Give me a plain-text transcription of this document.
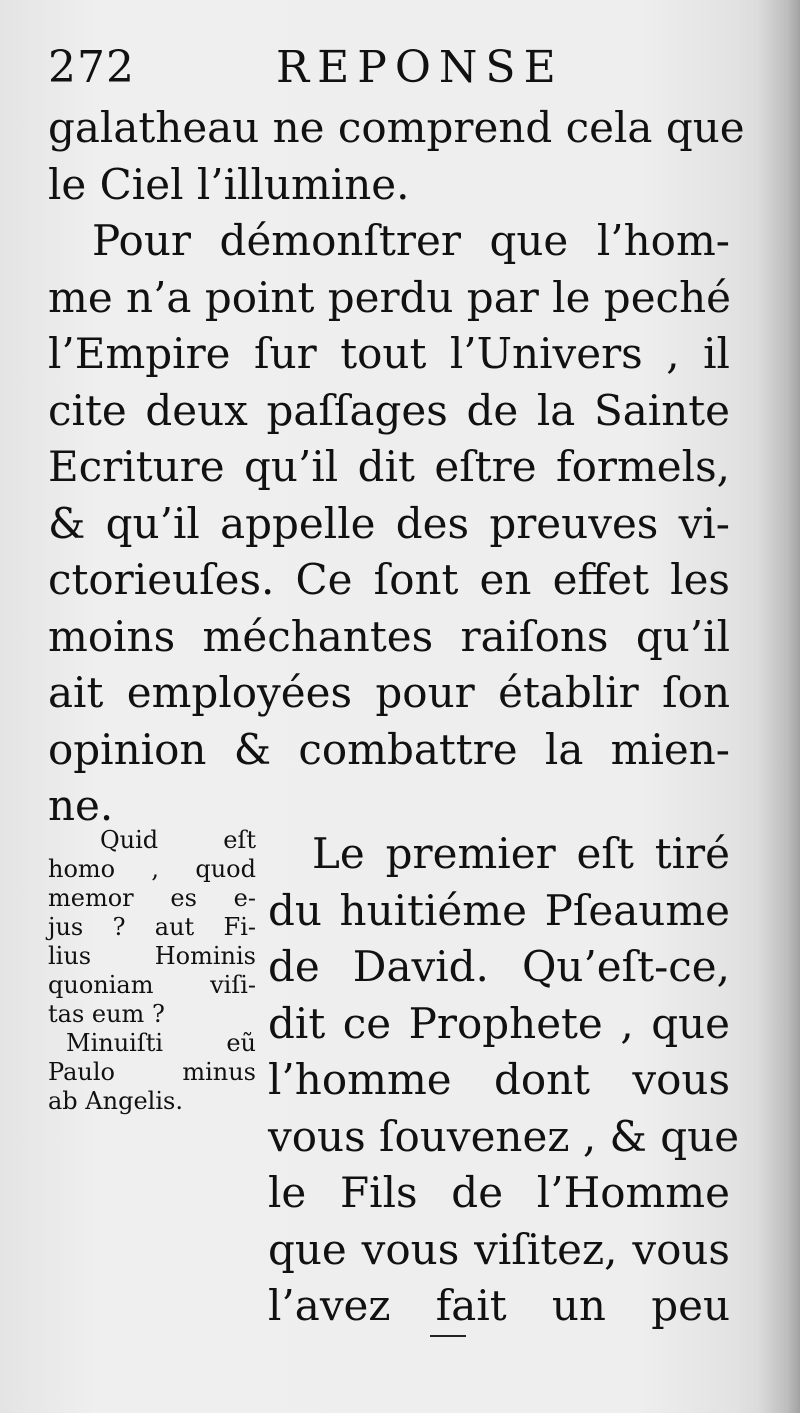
272	REPONSE
galatheau ne comprend cela que
le Ciel l’illumine.
Pour démonſtrer que l’hom-
me n’a point perdu par le peché
l’Empire ſur tout l’Univers , il
cite deux paſſages de la Sainte
Ecriture qu’il dit eſtre formels,
& qu’il appelle des preuves vi-
ctorieuſes. Ce ſont en effet les
moins méchantes raiſons qu’il
ait employées pour établir ſon
opinion & combattre la mien-
ne.
Quid eſt
homo , quod
memor es e-
jus ? aut Fi-
lius Hominis
quoniam viſi-
tas eum ?
Minuiſti eũ
Paulo minus
ab Angelis.
Le premier eſt tiré
du huitiéme Pſeaume
de David. Qu’eſt-ce,
dit ce Prophete , que
l’homme dont vous
vous ſouvenez , & que
le Fils de l’Homme
que vous viſitez, vous
l’avez fait un peu
